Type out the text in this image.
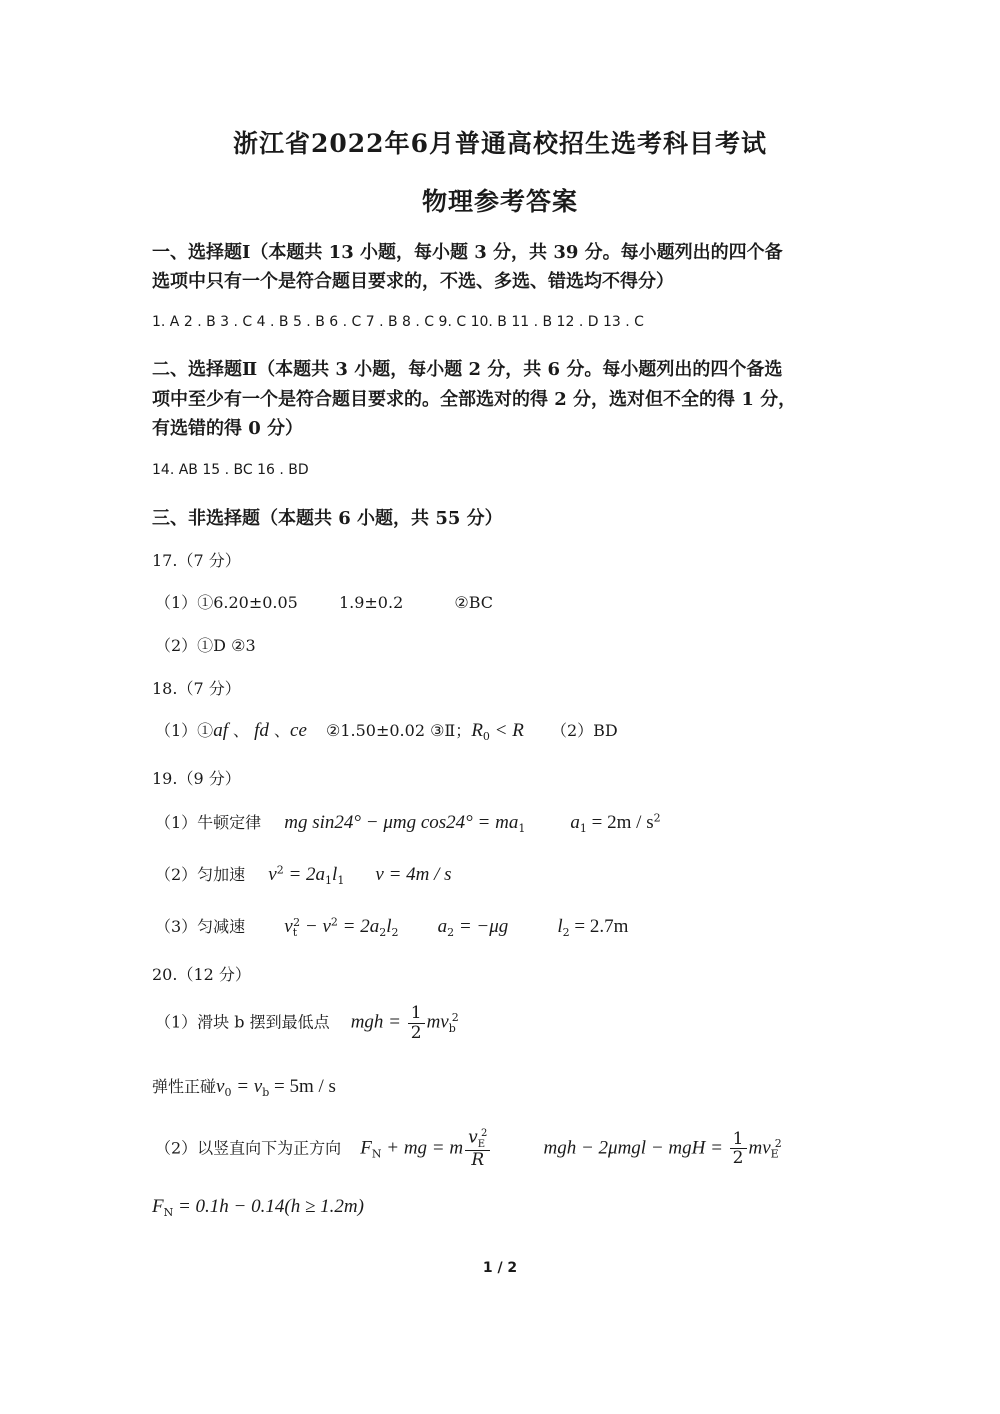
浙江省2022年6月普通高校招生选考科目考试
物理参考答案
一、选择题Ⅰ（本题共 13 小题，每小题 3 分，共 39 分。每小题列出的四个备
选项中只有一个是符合题目要求的，不选、多选、错选均不得分）
1. A 2 . B 3 . C 4 . B 5 . B 6 . C 7 . B 8 . C 9. C 10. B 11 . B 12 . D 13 . C
二、选择题Ⅱ（本题共 3 小题，每小题 2 分，共 6 分。每小题列出的四个备选
项中至少有一个是符合题目要求的。全部选对的得 2 分，选对但不全的得 1 分，
有选错的得 0 分）
14. AB 15 . BC 16 . BD
三、非选择题（本题共 6 小题，共 55 分）
17.（7 分）
（1）①6.20±0.05	1.9±0.2	②BC
（2）①D ②3
18.（7 分）
（1）①af 、 fd 、ce ②1.50±0.02 ③Ⅱ；$R_0 < R$ （2）BD
19.（9 分）
（1）牛顿定律 mg sin24° − μmg $\cos 24^\circ = ma_1$ $a_1 = 2m / s^2$
（2）匀加速 $v^2 = 2a_1l_1$ v = 4m / s
（3）匀减速 $v_t^2 - v^2 = 2a_2l_2$ $a_2 = -\mu g$	$l_2 = 2.7m$
20.（12 分）
（1）滑块 b 摆到最低点 mgh = $\frac{1}{2} mv_b^2$
弹性正碰$v_0 = v_b = 5m / s$
（2）以竖直向下为正方向 $F_N$ + mg = m $\frac{v_E^2}{R}$	mgh − 2μmgl − mgH = $\frac{1}{2} mv_E^2$
$F_N = 0.1h - 0.14(h \ge 1.2m)$
1 / 2
